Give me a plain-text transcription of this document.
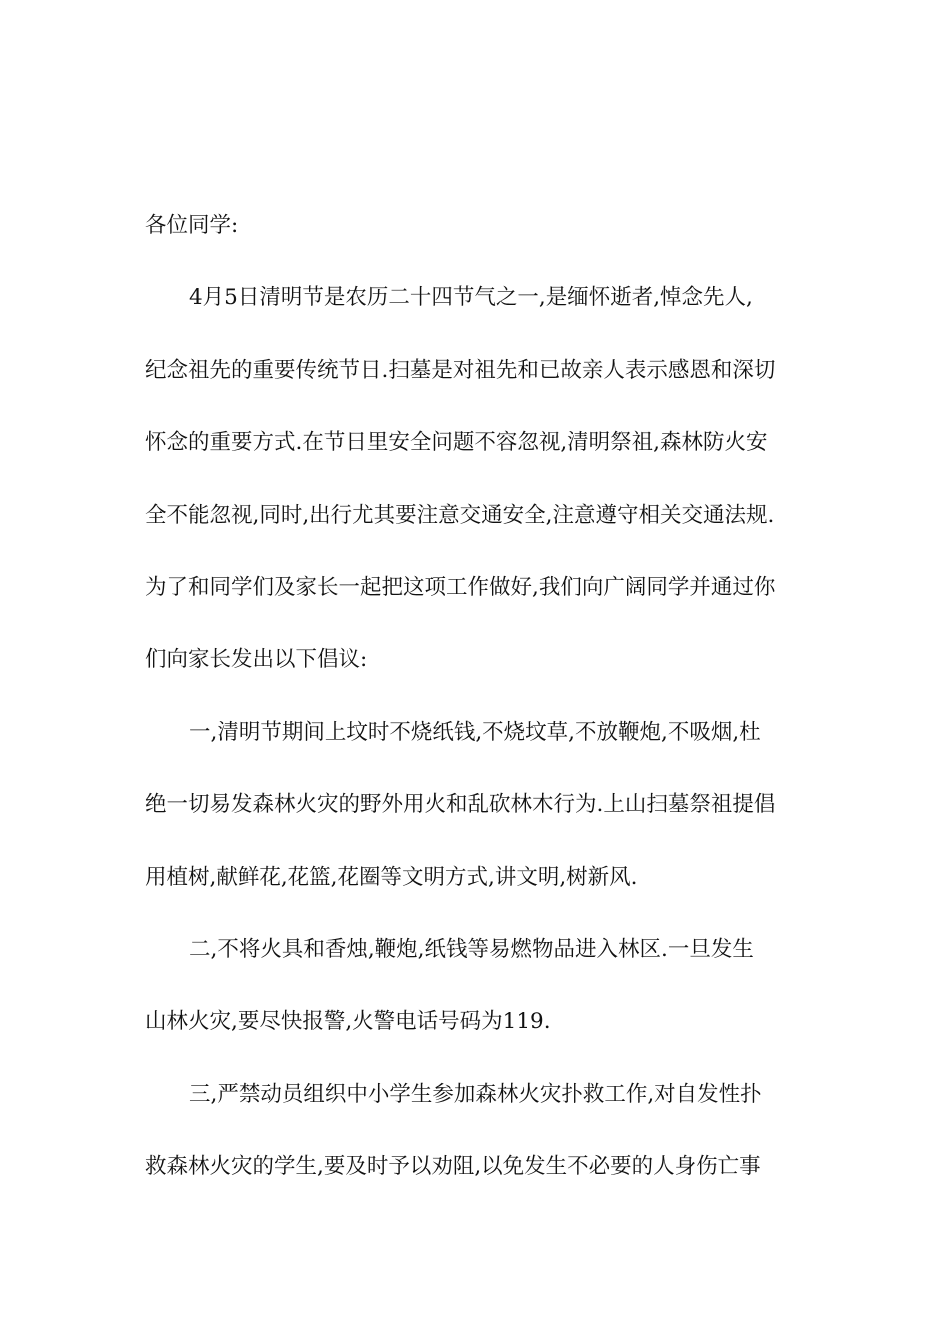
各位同学:
4月5日清明节是农历二十四节气之一,是缅怀逝者,悼念先人,
纪念祖先的重要传统节日.扫墓是对祖先和已故亲人表示感恩和深切
怀念的重要方式.在节日里安全问题不容忽视,清明祭祖,森林防火安
全不能忽视,同时,出行尤其要注意交通安全,注意遵守相关交通法规.
为了和同学们及家长一起把这项工作做好,我们向广阔同学并通过你
们向家长发出以下倡议:
一,清明节期间上坟时不烧纸钱,不烧坟草,不放鞭炮,不吸烟,杜
绝一切易发森林火灾的野外用火和乱砍林木行为.上山扫墓祭祖提倡
用植树,献鲜花,花篮,花圈等文明方式,讲文明,树新风.
二,不将火具和香烛,鞭炮,纸钱等易燃物品进入林区.一旦发生
山林火灾,要尽快报警,火警电话号码为119.
三,严禁动员组织中小学生参加森林火灾扑救工作,对自发性扑
救森林火灾的学生,要及时予以劝阻,以免发生不必要的人身伤亡事
